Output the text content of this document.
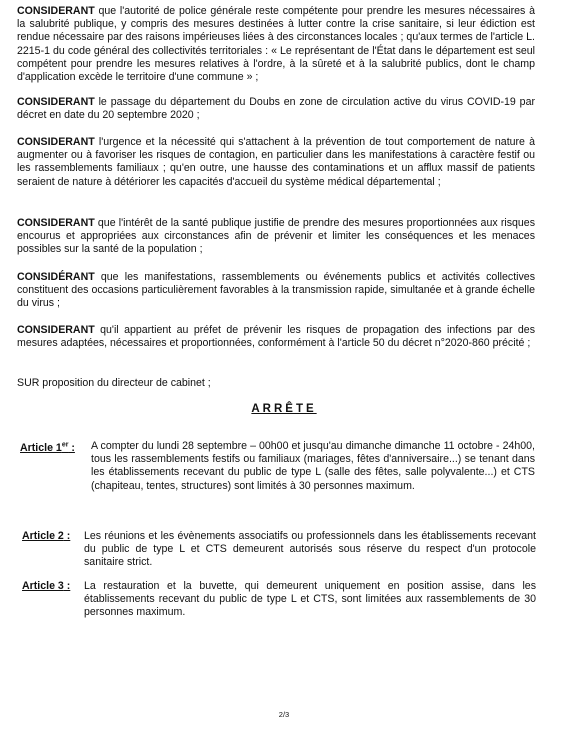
CONSIDERANT que l'autorité de police générale reste compétente pour prendre les mesures nécessaires à la salubrité publique, y compris des mesures destinées à lutter contre la crise sanitaire, si leur édiction est rendue nécessaire par des raisons impérieuses liées à des circonstances locales ; qu'aux termes de l'article L. 2215-1 du code général des collectivités territoriales : « Le représentant de l'État dans le département est seul compétent pour prendre les mesures relatives à l'ordre, à la sûreté et à la salubrité publics, dont le champ d'application excède le territoire d'une commune » ;

CONSIDERANT le passage du département du Doubs en zone de circulation active du virus COVID-19 par décret en date du 20 septembre 2020 ;

CONSIDERANT l'urgence et la nécessité qui s'attachent à la prévention de tout comportement de nature à augmenter ou à favoriser les risques de contagion, en particulier dans les manifestations à caractère festif ou les rassemblements familiaux ; qu'en outre, une hausse des contaminations et un afflux massif de patients seraient de nature à détériorer les capacités d'accueil du système médical départemental ;

CONSIDERANT que l'intérêt de la santé publique justifie de prendre des mesures proportionnées aux risques encourus et appropriées aux circonstances afin de prévenir et limiter les conséquences et les menaces possibles sur la santé de la population ;

CONSIDÉRANT que les manifestations, rassemblements ou événements publics et activités collectives constituent des occasions particulièrement favorables à la transmission rapide, simultanée et à grande échelle du virus ;

CONSIDERANT qu'il appartient au préfet de prévenir les risques de propagation des infections par des mesures adaptées, nécessaires et proportionnées, conformément à l'article 50 du décret n°2020-860 précité ;

SUR proposition du directeur de cabinet ;

ARRÊTE
Article 1er : A compter du lundi 28 septembre – 00h00 et jusqu'au dimanche dimanche 11 octobre - 24h00, tous les rassemblements festifs ou familiaux (mariages, fêtes d'anniversaire...) se tenant dans les établissements recevant du public de type L (salle des fêtes, salle polyvalente...) et CTS (chapiteau, tentes, structures) sont limités à 30 personnes maximum.

Article 2 : Les réunions et les évènements associatifs ou professionnels dans les établissements recevant du public de type L et CTS demeurent autorisés sous réserve du respect d'un protocole sanitaire strict.

Article 3 : La restauration et la buvette, qui demeurent uniquement en position assise, dans les établissements recevant du public de type L et CTS, sont limitées aux rassemblements de 30 personnes maximum.

2/3
